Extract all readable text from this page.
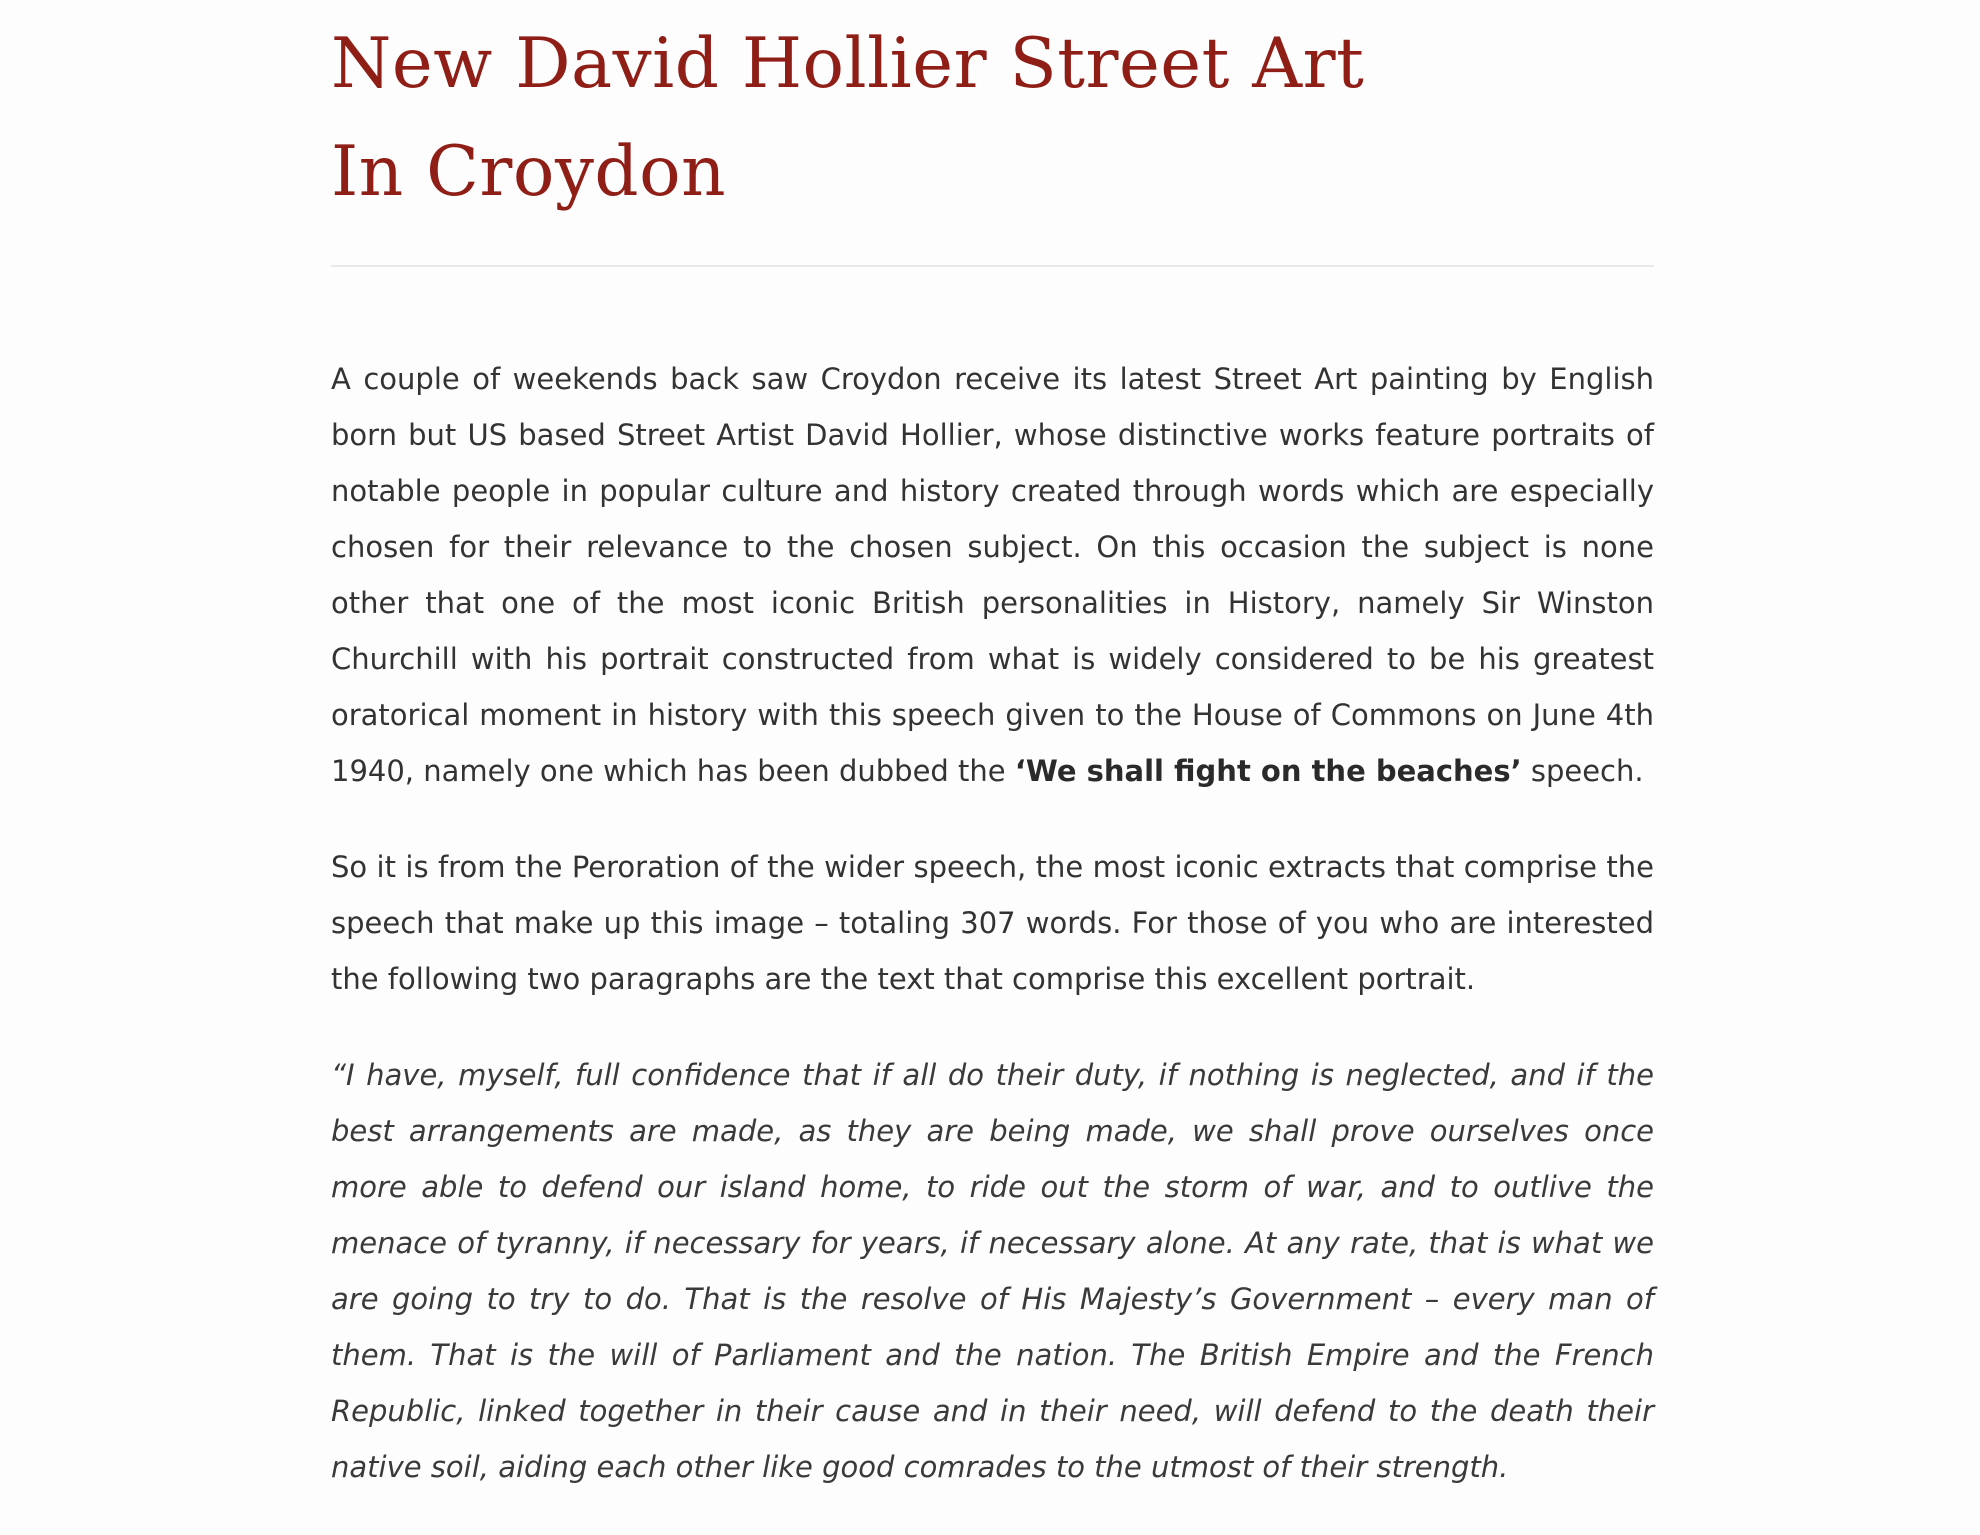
New David Hollier Street Art
In Croydon

A couple of weekends back saw Croydon receive its latest Street Art painting by English born but US based Street Artist David Hollier, whose distinctive works feature portraits of notable people in popular culture and history created through words which are especially chosen for their relevance to the chosen subject. On this occasion the subject is none other that one of the most iconic British personalities in History, namely Sir Winston Churchill with his portrait constructed from what is widely considered to be his greatest oratorical moment in history with this speech given to the House of Commons on June 4th 1940, namely one which has been dubbed the ‘We shall fight on the beaches’ speech.

So it is from the Peroration of the wider speech, the most iconic extracts that comprise the speech that make up this image – totaling 307 words. For those of you who are interested the following two paragraphs are the text that comprise this excellent portrait.

“I have, myself, full confidence that if all do their duty, if nothing is neglected, and if the best arrangements are made, as they are being made, we shall prove ourselves once more able to defend our island home, to ride out the storm of war, and to outlive the menace of tyranny, if necessary for years, if necessary alone. At any rate, that is what we are going to try to do. That is the resolve of His Majesty’s Government – every man of them. That is the will of Parliament and the nation. The British Empire and the French Republic, linked together in their cause and in their need, will defend to the death their native soil, aiding each other like good comrades to the utmost of their strength.
